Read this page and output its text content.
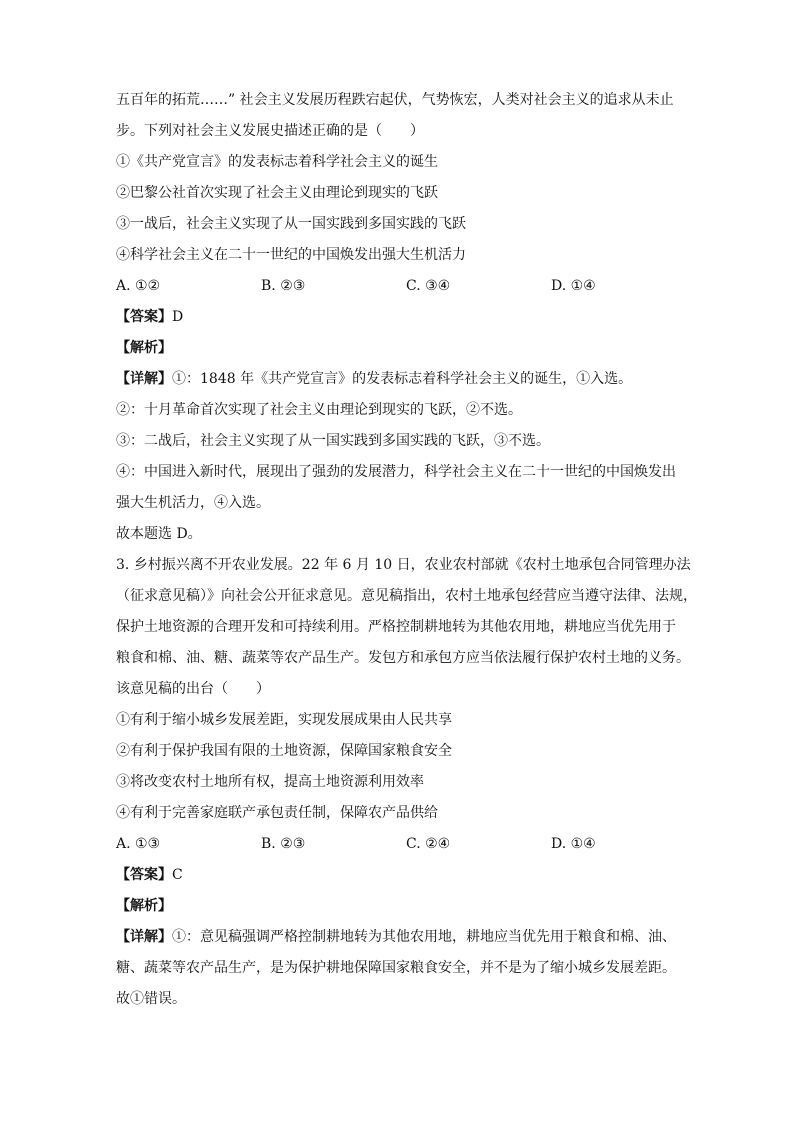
五百年的拓荒……” 社会主义发展历程跌宕起伏，气势恢宏，人类对社会主义的追求从未止
步。下列对社会主义发展史描述正确的是（　　）
①《共产党宣言》的发表标志着科学社会主义的诞生
②巴黎公社首次实现了社会主义由理论到现实的飞跃
③一战后，社会主义实现了从一国实践到多国实践的飞跃
④科学社会主义在二十一世纪的中国焕发出强大生机活力
A. ①②	B. ②③	C. ③④	D. ①④
【答案】D
【解析】
【详解】①：1848 年《共产党宣言》的发表标志着科学社会主义的诞生，①入选。
②：十月革命首次实现了社会主义由理论到现实的飞跃，②不选。
③：二战后，社会主义实现了从一国实践到多国实践的飞跃，③不选。
④：中国进入新时代，展现出了强劲的发展潜力，科学社会主义在二十一世纪的中国焕发出
强大生机活力，④入选。
故本题选 D。
3. 乡村振兴离不开农业发展。22 年 6 月 10 日，农业农村部就《农村土地承包合同管理办法
（征求意见稿）》向社会公开征求意见。意见稿指出，农村土地承包经营应当遵守法律、法规，
保护土地资源的合理开发和可持续利用。严格控制耕地转为其他农用地，耕地应当优先用于
粮食和棉、油、糖、蔬菜等农产品生产。发包方和承包方应当依法履行保护农村土地的义务。
该意见稿的出台（　　）
①有利于缩小城乡发展差距，实现发展成果由人民共享
②有利于保护我国有限的土地资源，保障国家粮食安全
③将改变农村土地所有权，提高土地资源利用效率
④有利于完善家庭联产承包责任制，保障农产品供给
A. ①③	B. ②③	C. ②④	D. ①④
【答案】C
【解析】
【详解】①：意见稿强调严格控制耕地转为其他农用地，耕地应当优先用于粮食和棉、油、
糖、蔬菜等农产品生产，是为保护耕地保障国家粮食安全，并不是为了缩小城乡发展差距。
故①错误。
